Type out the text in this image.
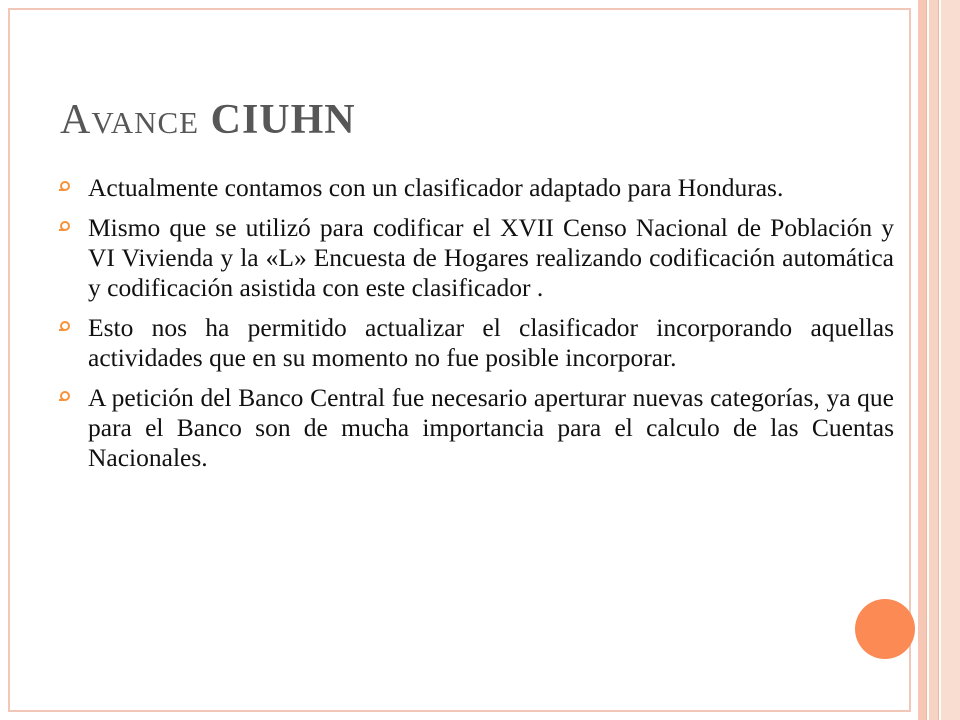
AVANCE CIUHN
Actualmente contamos con un clasificador adaptado para Honduras.
Mismo que se utilizó para codificar el XVII Censo Nacional de Población y VI Vivienda y la «L» Encuesta de Hogares realizando codificación automática y codificación asistida con este clasificador .
Esto nos ha permitido actualizar el clasificador incorporando aquellas actividades que en su momento no fue posible incorporar.
A petición del Banco Central fue necesario aperturar nuevas categorías, ya que para el Banco son de mucha importancia para el calculo de las Cuentas Nacionales.
